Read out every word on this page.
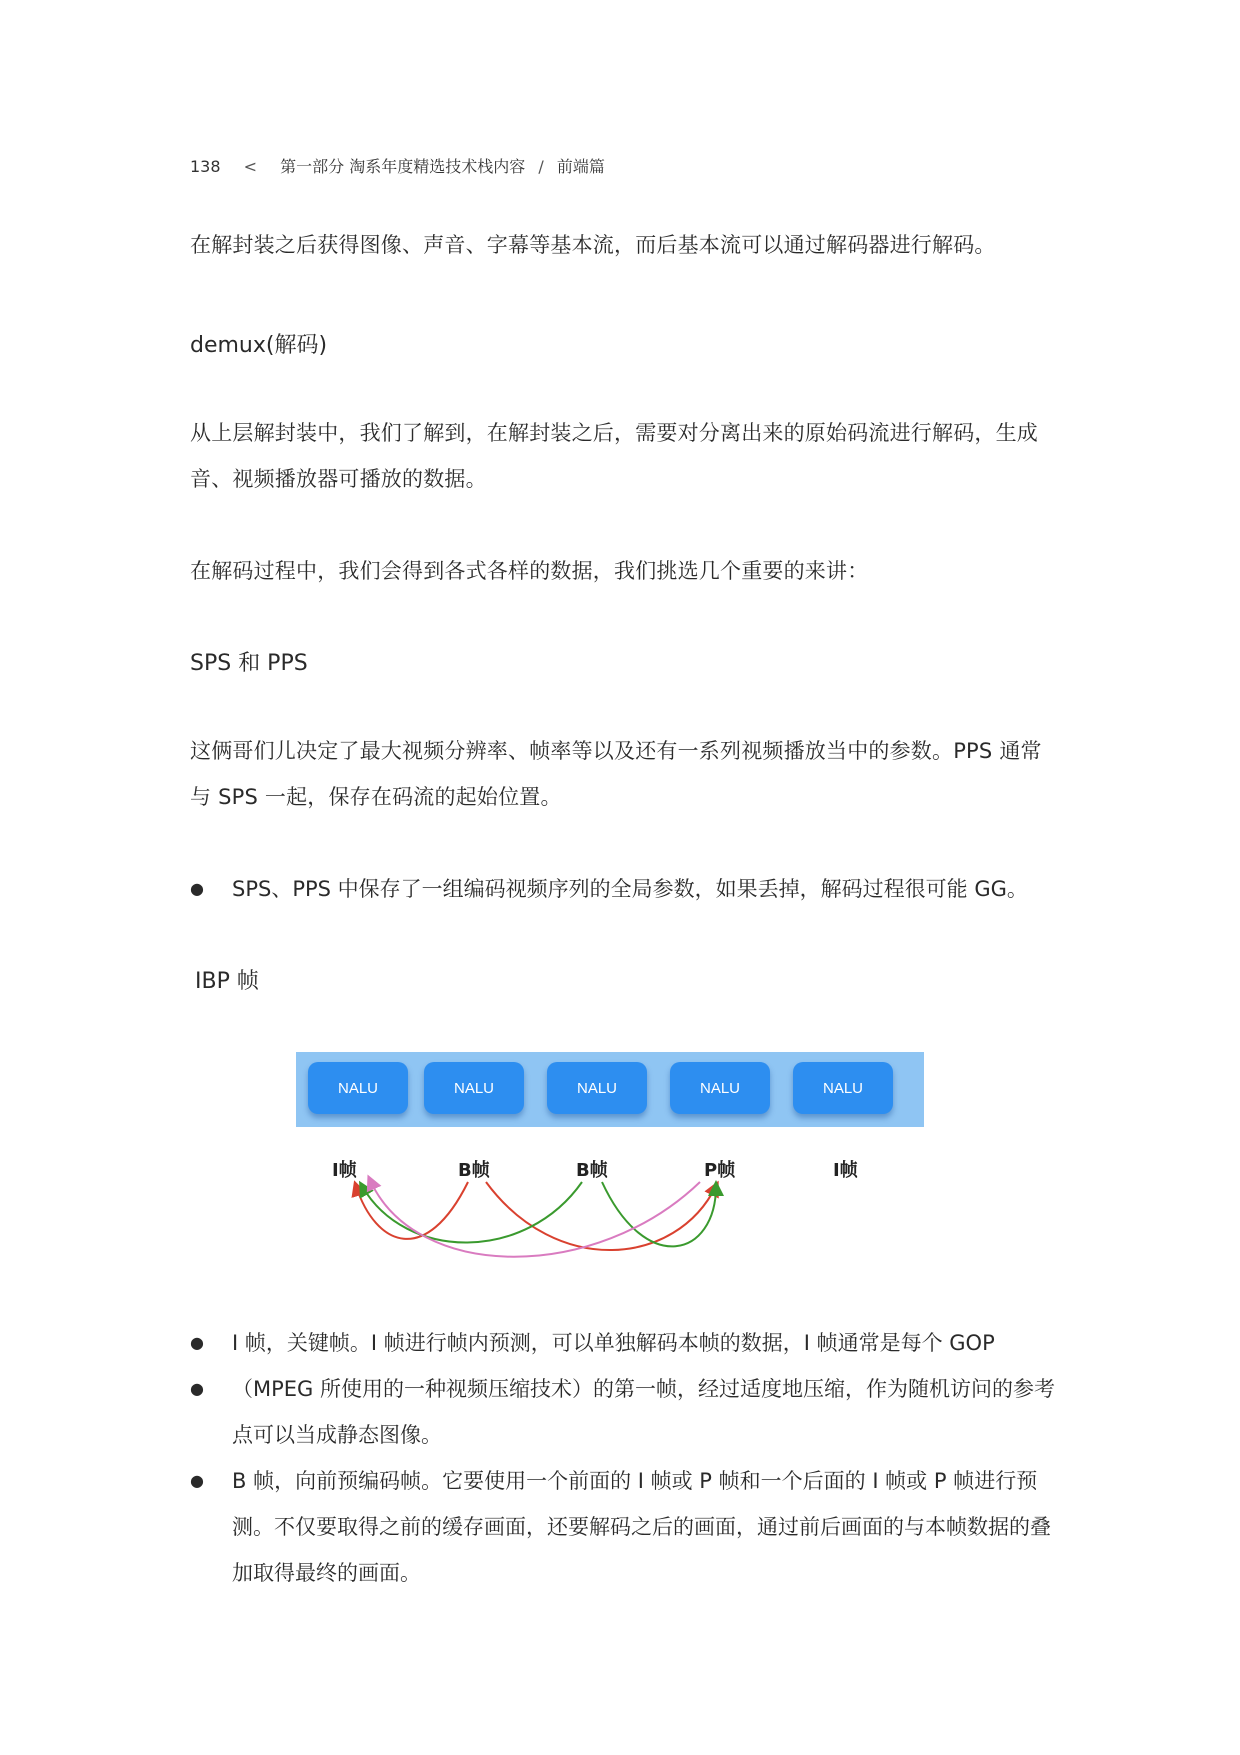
138 < 第一部分 淘系年度精选技术栈内容 / 前端篇
在解封装之后获得图像、声音、字幕等基本流，而后基本流可以通过解码器进行解码。
demux(解码)
从上层解封装中，我们了解到，在解封装之后，需要对分离出来的原始码流进行解码，生成音、视频播放器可播放的数据。
在解码过程中，我们会得到各式各样的数据，我们挑选几个重要的来讲：
SPS 和 PPS
这俩哥们儿决定了最大视频分辨率、帧率等以及还有一系列视频播放当中的参数。PPS 通常与 SPS 一起，保存在码流的起始位置。
●	SPS、PPS 中保存了一组编码视频序列的全局参数，如果丢掉，解码过程很可能 GG。
IBP 帧
NALU	NALU	NALU	NALU	NALU
I帧	B帧	B帧	P帧	I帧
●	I 帧，关键帧。I 帧进行帧内预测，可以单独解码本帧的数据，I 帧通常是每个 GOP
●	（MPEG 所使用的一种视频压缩技术）的第一帧，经过适度地压缩，作为随机访问的参考点可以当成静态图像。
●	B 帧，向前预编码帧。它要使用一个前面的 I 帧或 P 帧和一个后面的 I 帧或 P 帧进行预测。不仅要取得之前的缓存画面，还要解码之后的画面，通过前后画面的与本帧数据的叠加取得最终的画面。
